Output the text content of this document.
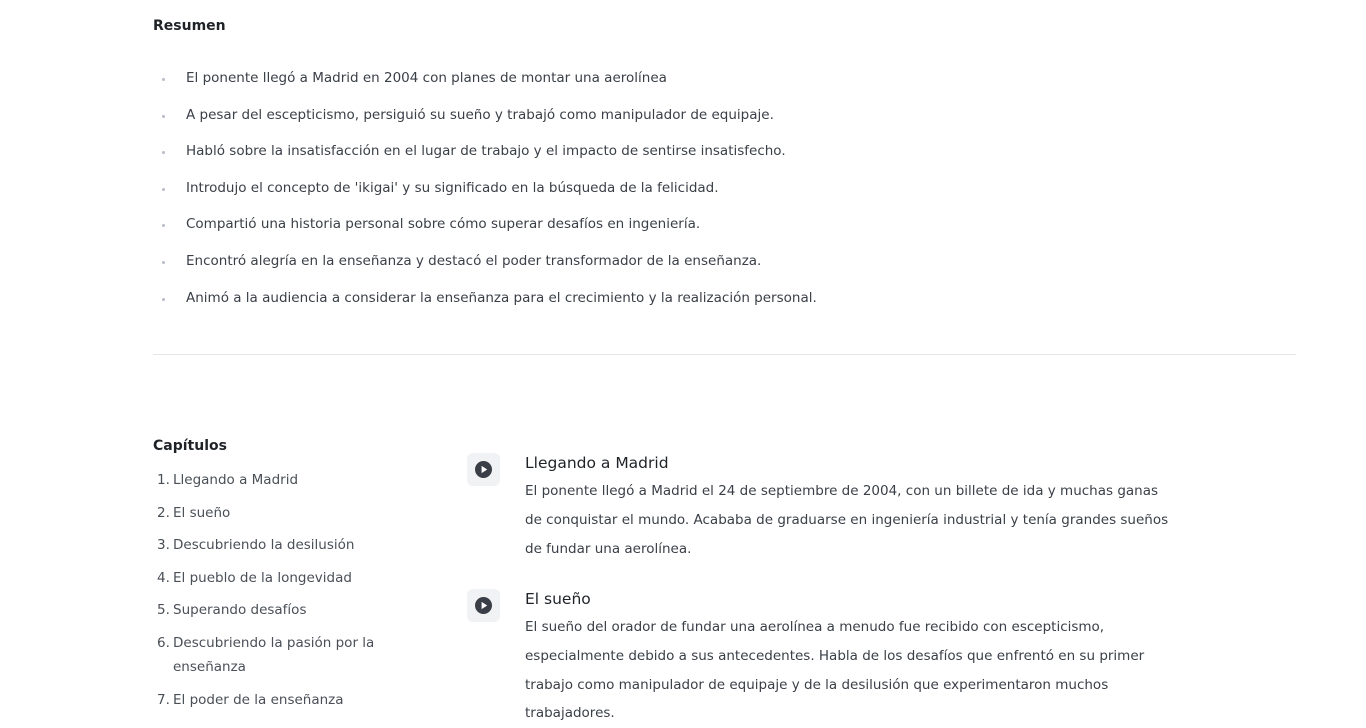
Resumen
El ponente llegó a Madrid en 2004 con planes de montar una aerolínea
A pesar del escepticismo, persiguió su sueño y trabajó como manipulador de equipaje.
Habló sobre la insatisfacción en el lugar de trabajo y el impacto de sentirse insatisfecho.
Introdujo el concepto de 'ikigai' y su significado en la búsqueda de la felicidad.
Compartió una historia personal sobre cómo superar desafíos en ingeniería.
Encontró alegría en la enseñanza y destacó el poder transformador de la enseñanza.
Animó a la audiencia a considerar la enseñanza para el crecimiento y la realización personal.
Capítulos
1. Llegando a Madrid
2. El sueño
3. Descubriendo la desilusión
4. El pueblo de la longevidad
5. Superando desafíos
6. Descubriendo la pasión por la enseñanza
7. El poder de la enseñanza
Llegando a Madrid

El ponente llegó a Madrid el 24 de septiembre de 2004, con un billete de ida y muchas ganas de conquistar el mundo. Acababa de graduarse en ingeniería industrial y tenía grandes sueños de fundar una aerolínea.

El sueño

El sueño del orador de fundar una aerolínea a menudo fue recibido con escepticismo, especialmente debido a sus antecedentes. Habla de los desafíos que enfrentó en su primer trabajo como manipulador de equipaje y de la desilusión que experimentaron muchos trabajadores.
